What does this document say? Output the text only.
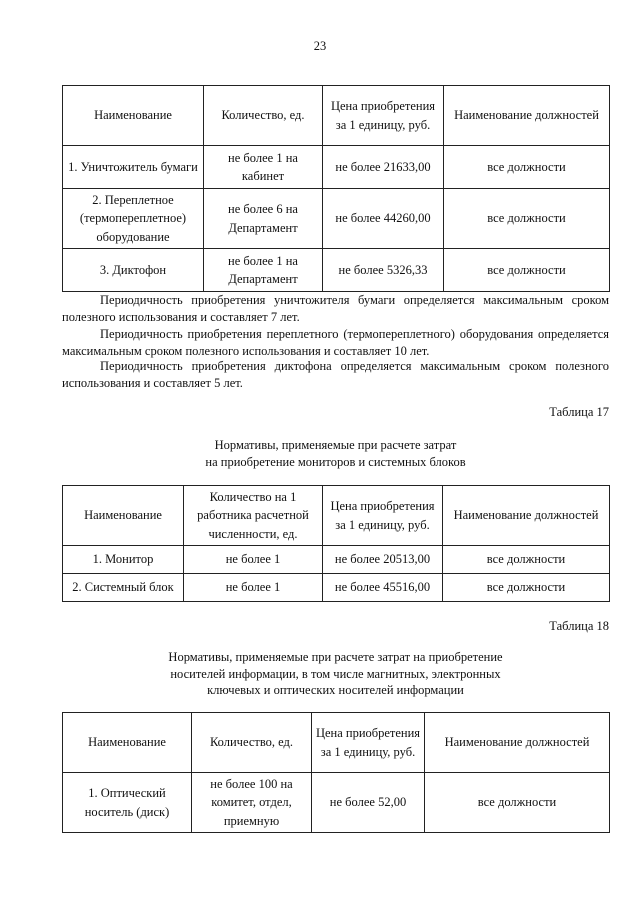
23
Наименование	Количество, ед.	Цена приобретения за 1 единицу, руб.	Наименование должностей
1. Уничтожитель бумаги	не более 1 на кабинет	не более 21633,00	все должности
2. Переплетное (термопереплетное) оборудование	не более 6 на Департамент	не более 44260,00	все должности
3. Диктофон	не более 1 на Департамент	не более 5326,33	все должности
Периодичность приобретения уничтожителя бумаги определяется максимальным сроком полезного использования и составляет 7 лет.
Периодичность приобретения переплетного (термопереплетного) оборудования определяется максимальным сроком полезного использования и составляет 10 лет.
Периодичность приобретения диктофона определяется максимальным сроком полезного использования и составляет 5 лет.
Таблица 17
Нормативы, применяемые при расчете затрат
на приобретение мониторов и системных блоков
Наименование	Количество на 1 работника расчетной численности, ед.	Цена приобретения за 1 единицу, руб.	Наименование должностей
1. Монитор	не более 1	не более 20513,00	все должности
2. Системный блок	не более 1	не более 45516,00	все должности
Таблица 18
Нормативы, применяемые при расчете затрат на приобретение
носителей информации, в том числе магнитных, электронных
ключевых и оптических носителей информации
Наименование	Количество, ед.	Цена приобретения за 1 единицу, руб.	Наименование должностей
1. Оптический носитель (диск)	не более 100 на комитет, отдел, приемную	не более 52,00	все должности
